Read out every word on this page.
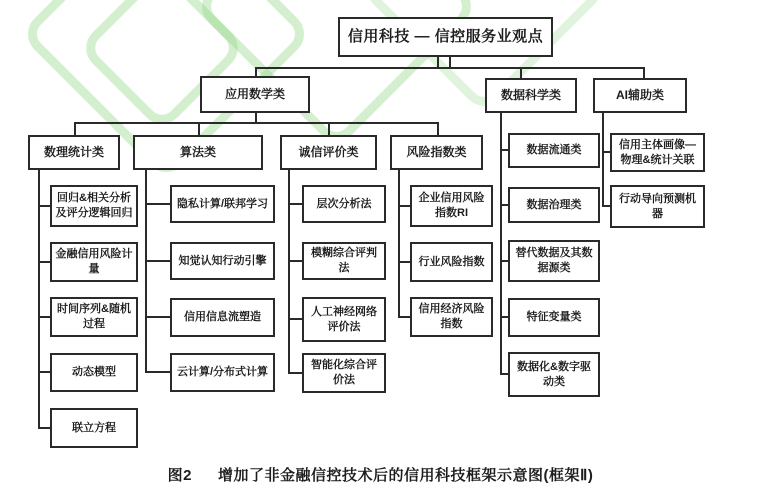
信用科技 — 信控服务业观点
应用数学类	数据科学类	AI辅助类
数理统计类	算法类	诚信评价类	风险指数类
回归&相关分析及评分逻辑回归
金融信用风险计量
时间序列&随机过程
动态模型
联立方程
隐私计算/联邦学习
知觉认知行动引擎
信用信息流塑造
云计算/分布式计算
层次分析法
模糊综合评判法
人工神经网络评价法
智能化综合评价法
企业信用风险指数RI
行业风险指数
信用经济风险指数
数据流通类
数据治理类
替代数据及其数据源类
特征变量类
数据化&数字驱动类
信用主体画像—物理&统计关联
行动导向预测机器
图2 增加了非金融信控技术后的信用科技框架示意图(框架Ⅱ)
